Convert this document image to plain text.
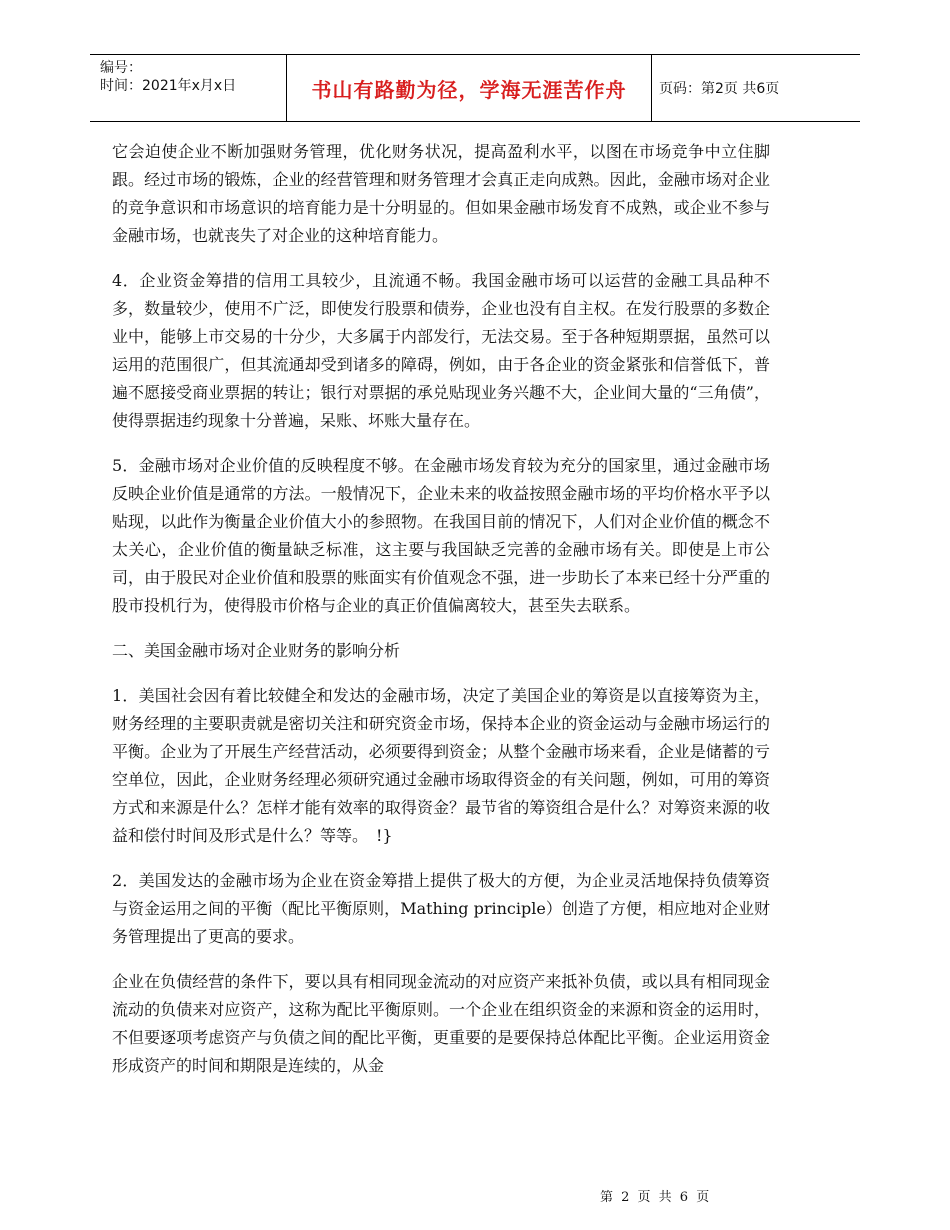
编号：
时间：2021年x月x日	书山有路勤为径，学海无涯苦作舟	页码：第2页 共6页

它会迫使企业不断加强财务管理，优化财务状况，提高盈利水平，以图在市场竞争中立住脚跟。经过市场的锻炼，企业的经营管理和财务管理才会真正走向成熟。因此，金融市场对企业的竞争意识和市场意识的培育能力是十分明显的。但如果金融市场发育不成熟，或企业不参与金融市场，也就丧失了对企业的这种培育能力。

4．企业资金筹措的信用工具较少，且流通不畅。我国金融市场可以运营的金融工具品种不多，数量较少，使用不广泛，即使发行股票和债券，企业也没有自主权。在发行股票的多数企业中，能够上市交易的十分少，大多属于内部发行，无法交易。至于各种短期票据，虽然可以运用的范围很广，但其流通却受到诸多的障碍，例如，由于各企业的资金紧张和信誉低下，普遍不愿接受商业票据的转让；银行对票据的承兑贴现业务兴趣不大，企业间大量的“三角债”，使得票据违约现象十分普遍，呆账、坏账大量存在。

5．金融市场对企业价值的反映程度不够。在金融市场发育较为充分的国家里，通过金融市场反映企业价值是通常的方法。一般情况下，企业未来的收益按照金融市场的平均价格水平予以贴现，以此作为衡量企业价值大小的参照物。在我国目前的情况下，人们对企业价值的概念不太关心，企业价值的衡量缺乏标准，这主要与我国缺乏完善的金融市场有关。即使是上市公司，由于股民对企业价值和股票的账面实有价值观念不强，进一步助长了本来已经十分严重的股市投机行为，使得股市价格与企业的真正价值偏离较大，甚至失去联系。

二、美国金融市场对企业财务的影响分析

1．美国社会因有着比较健全和发达的金融市场，决定了美国企业的筹资是以直接筹资为主，财务经理的主要职责就是密切关注和研究资金市场，保持本企业的资金运动与金融市场运行的平衡。企业为了开展生产经营活动，必须要得到资金；从整个金融市场来看，企业是储蓄的亏空单位，因此，企业财务经理必须研究通过金融市场取得资金的有关问题，例如，可用的筹资方式和来源是什么？怎样才能有效率的取得资金？最节省的筹资组合是什么？对筹资来源的收益和偿付时间及形式是什么？等等。　!}

2．美国发达的金融市场为企业在资金筹措上提供了极大的方便，为企业灵活地保持负债筹资与资金运用之间的平衡（配比平衡原则，Mathing principle）创造了方便，相应地对企业财务管理提出了更高的要求。

企业在负债经营的条件下，要以具有相同现金流动的对应资产来抵补负债，或以具有相同现金流动的负债来对应资产，这称为配比平衡原则。一个企业在组织资金的来源和资金的运用时，不但要逐项考虑资产与负债之间的配比平衡，更重要的是要保持总体配比平衡。企业运用资金形成资产的时间和期限是连续的，从金

第 2 页 共 6 页
